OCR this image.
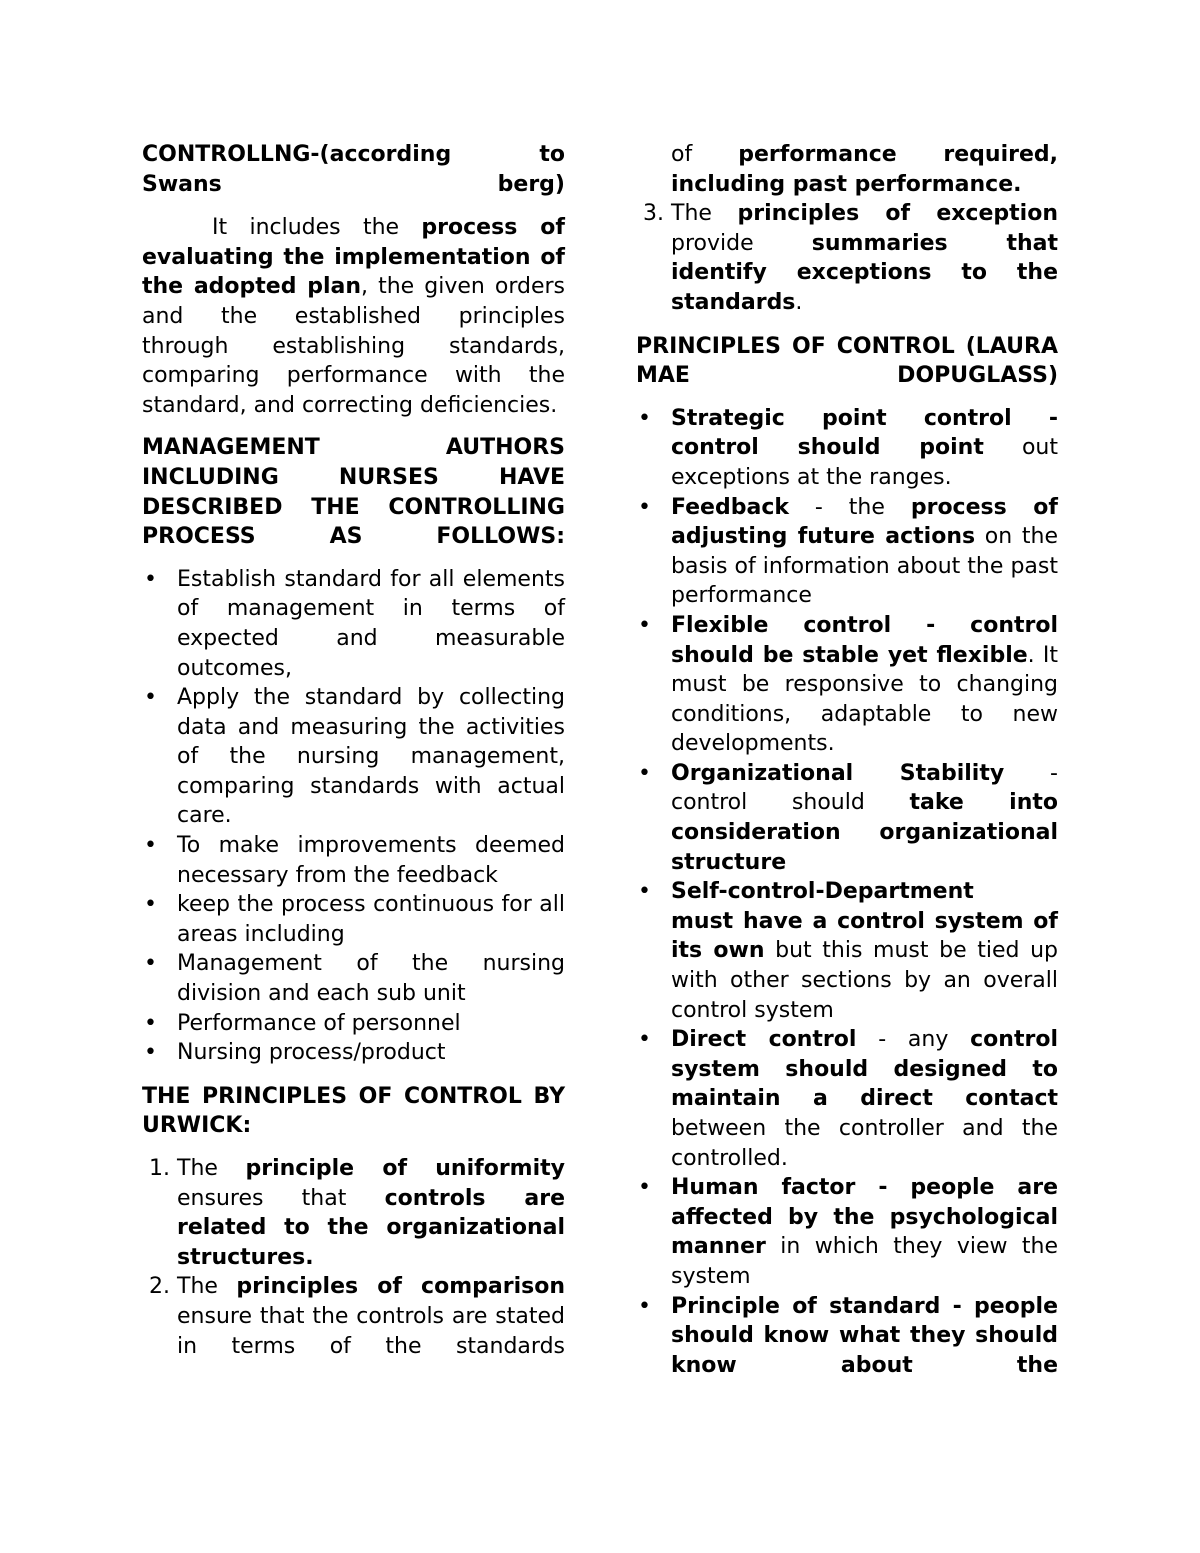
CONTROLLNG-(according to Swans berg)

It includes the process of evaluating the implementation of the adopted plan, the given orders and the established principles through establishing standards, comparing performance with the standard, and correcting deficiencies.

MANAGEMENT AUTHORS INCLUDING NURSES HAVE DESCRIBED THE CONTROLLING PROCESS AS FOLLOWS:

• Establish standard for all elements of management in terms of expected and measurable outcomes,
• Apply the standard by collecting data and measuring the activities of the nursing management, comparing standards with actual care.
• To make improvements deemed necessary from the feedback
• keep the process continuous for all areas including
• Management of the nursing division and each sub unit
• Performance of personnel
• Nursing process/product

THE PRINCIPLES OF CONTROL BY URWICK:

1. The principle of uniformity ensures that controls are related to the organizational structures.
2. The principles of comparison ensure that the controls are stated in terms of the standards
of performance required, including past performance.
3. The principles of exception provide summaries that identify exceptions to the standards.

PRINCIPLES OF CONTROL (LAURA MAE DOPUGLASS)

• Strategic point control - control should point out exceptions at the ranges.
• Feedback - the process of adjusting future actions on the basis of information about the past performance
• Flexible control - control should be stable yet flexible. It must be responsive to changing conditions, adaptable to new developments.
• Organizational Stability - control should take into consideration organizational structure
• Self-control-Department
must have a control system of its own but this must be tied up with other sections by an overall control system
• Direct control - any control system should designed to maintain a direct contact between the controller and the controlled.
• Human factor - people are affected by the psychological manner in which they view the system
• Principle of standard - people should know what they should know about the
